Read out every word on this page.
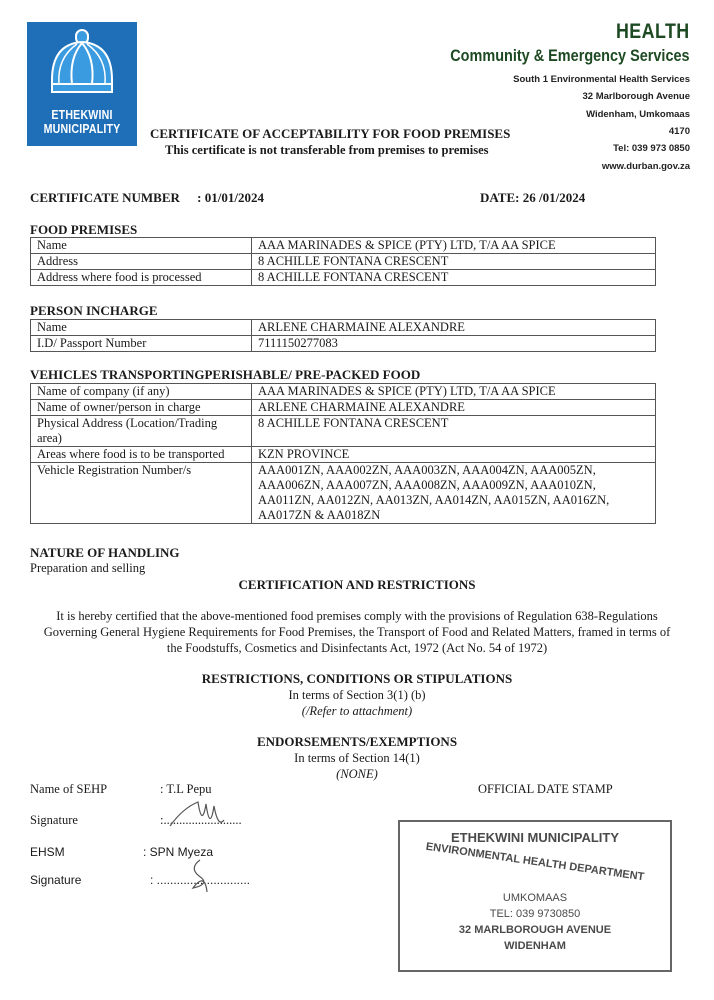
ETHEKWINI
MUNICIPALITY
HEALTH
Community & Emergency Services
South 1 Environmental Health Services
32 Marlborough Avenue
Widenham, Umkomaas
4170
Tel: 039 973 0850
www.durban.gov.za
CERTIFICATE OF ACCEPTABILITY FOR FOOD PREMISES
This certificate is not transferable from premises to premises
CERTIFICATE NUMBER : 01/01/2024	DATE: 26 /01/2024
FOOD PREMISES
Name	AAA MARINADES & SPICE (PTY) LTD, T/A AA SPICE
Address	8 ACHILLE FONTANA CRESCENT
Address where food is processed	8 ACHILLE FONTANA CRESCENT
PERSON INCHARGE
Name	ARLENE CHARMAINE ALEXANDRE
I.D/ Passport Number	7111150277083
VEHICLES TRANSPORTINGPERISHABLE/ PRE-PACKED FOOD
Name of company (if any)	AAA MARINADES & SPICE (PTY) LTD, T/A AA SPICE
Name of owner/person in charge	ARLENE CHARMAINE ALEXANDRE
Physical Address (Location/Trading area)	8 ACHILLE FONTANA CRESCENT
Areas where food is to be transported	KZN PROVINCE
Vehicle Registration Number/s	AAA001ZN, AAA002ZN, AAA003ZN, AAA004ZN, AAA005ZN, AAA006ZN, AAA007ZN, AAA008ZN, AAA009ZN, AAA010ZN, AA011ZN, AA012ZN, AA013ZN, AA014ZN, AA015ZN, AA016ZN, AA017ZN & AA018ZN
NATURE OF HANDLING
Preparation and selling
CERTIFICATION AND RESTRICTIONS
It is hereby certified that the above-mentioned food premises comply with the provisions of Regulation 638-Regulations Governing General Hygiene Requirements for Food Premises, the Transport of Food and Related Matters, framed in terms of the Foodstuffs, Cosmetics and Disinfectants Act, 1972 (Act No. 54 of 1972)
RESTRICTIONS, CONDITIONS OR STIPULATIONS
In terms of Section 3(1) (b)
(/Refer to attachment)
ENDORSEMENTS/EXEMPTIONS
In terms of Section 14(1)
(NONE)
Name of SEHP	: T.L Pepu
Signature	:.........................
EHSM	: SPN Myeza
Signature	: ............................
OFFICIAL DATE STAMP
ETHEKWINI MUNICIPALITY
ENVIRONMENTAL HEALTH DEPARTMENT
UMKOMAAS
TEL: 039 9730850
32 MARLBOROUGH AVENUE
WIDENHAM
